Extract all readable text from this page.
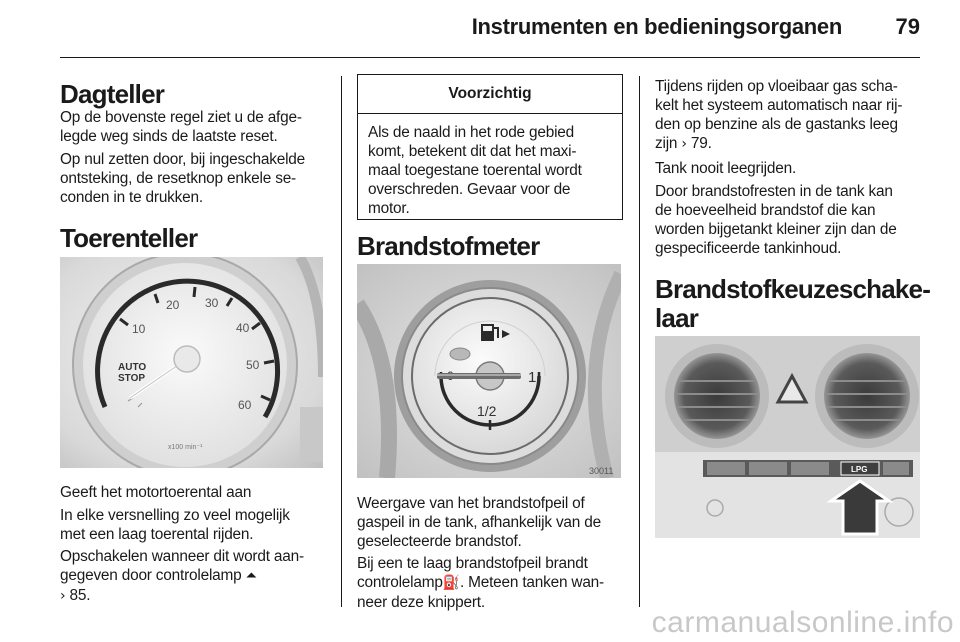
Instrumenten en bedieningsorganen 79
Dagteller
Op de bovenste regel ziet u de afge-
legde weg sinds de laatste reset.
Op nul zetten door, bij ingeschakelde
ontsteking, de resetknop enkele se-
conden in te drukken.
Toerenteller
10
20 30
40
50
60
AUTO
STOP
x100 min⁻¹
Geeft het motortoerental aan
In elke versnelling zo veel mogelijk
met een laag toerental rijden.
Opschakelen wanneer dit wordt aan-
gegeven door controlelamp ⏶
› 85.
Voorzichtig
Als de naald in het rode gebied
komt, betekent dit dat het maxi-
maal toegestane toerental wordt
overschreden. Gevaar voor de
motor.
Brandstofmeter
1
1/2
30011
Weergave van het brandstofpeil of
gaspeil in de tank, afhankelijk van de
geselecteerde brandstof.
Bij een te laag brandstofpeil brandt
controlelamp⛽. Meteen tanken wan-
neer deze knippert.
Tijdens rijden op vloeibaar gas scha-
kelt het systeem automatisch naar rij-
den op benzine als de gastanks leeg
zijn › 79.
Tank nooit leegrijden.
Door brandstofresten in de tank kan
de hoeveelheid brandstof die kan
worden bijgetankt kleiner zijn dan de
gespecificeerde tankinhoud.
Brandstofkeuzeschake-
laar
LPG
carmanualsonline.info
